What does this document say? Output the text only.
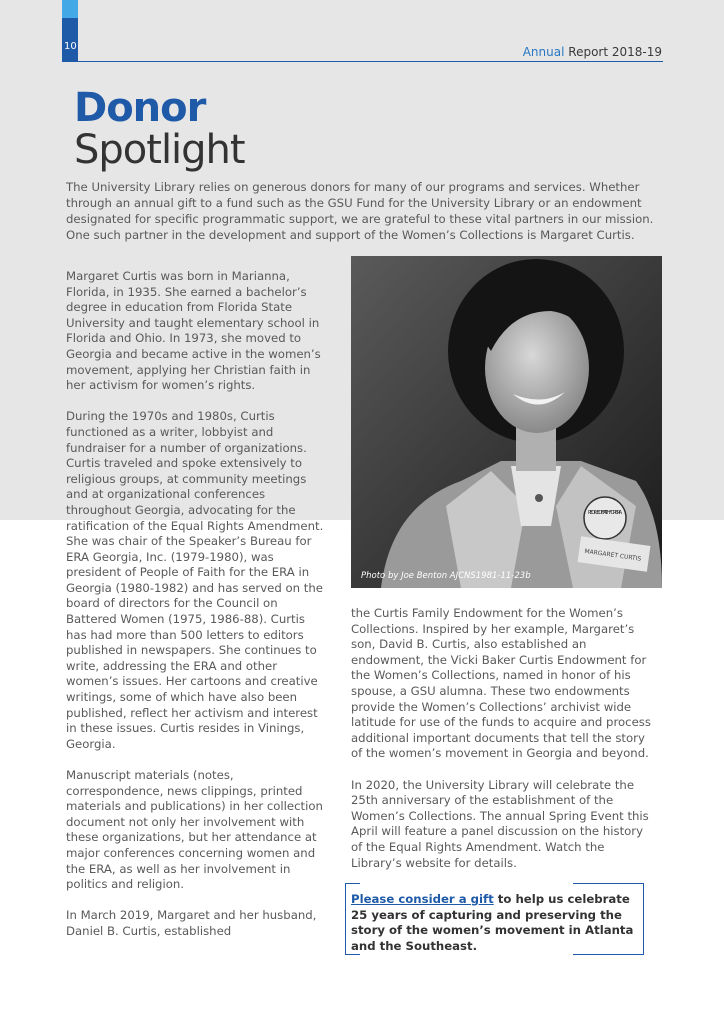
10	Annual Report 2018-19
Donor
Spotlight

The University Library relies on generous donors for many of our programs and services. Whether through an annual gift to a fund such as the GSU Fund for the University Library or an endowment designated for specific programmatic support, we are grateful to these vital partners in our mission. One such partner in the development and support of the Women’s Collections is Margaret Curtis.

Margaret Curtis was born in Marianna, Florida, in 1935. She earned a bachelor’s degree in education from Florida State University and taught elementary school in Florida and Ohio. In 1973, she moved to Georgia and became active in the women’s movement, applying her Christian faith in her activism for women’s rights.

During the 1970s and 1980s, Curtis functioned as a writer, lobbyist and fundraiser for a number of organizations. Curtis traveled and spoke extensively to religious groups, at community meetings and at organizational conferences throughout Georgia, advocating for the ratification of the Equal Rights Amendment. She was chair of the Speaker’s Bureau for ERA Georgia, Inc. (1979-1980), was president of People of Faith for the ERA in Georgia (1980-1982) and has served on the board of directors for the Council on Battered Women (1975, 1986-88). Curtis has had more than 500 letters to editors published in newspapers. She continues to write, addressing the ERA and other women’s issues. Her cartoons and creative writings, some of which have also been published, reflect her activism and interest in these issues. Curtis resides in Vinings, Georgia.

Manuscript materials (notes, correspondence, news clippings, printed materials and publications) in her collection document not only her involvement with these organizations, but her attendance at major conferences concerning women and the ERA, as well as her involvement in politics and religion.

In March 2019, Margaret and her husband, Daniel B. Curtis, established

PEOPLE OF FAITH FOR ERA
MARGARET CURTIS
Photo by Joe Benton AJCNS1981-11-23b

the Curtis Family Endowment for the Women’s Collections. Inspired by her example, Margaret’s son, David B. Curtis, also established an endowment, the Vicki Baker Curtis Endowment for the Women’s Collections, named in honor of his spouse, a GSU alumna. These two endowments provide the Women’s Collections’ archivist wide latitude for use of the funds to acquire and process additional important documents that tell the story of the women’s movement in Georgia and beyond.

In 2020, the University Library will celebrate the 25th anniversary of the establishment of the Women’s Collections. The annual Spring Event this April will feature a panel discussion on the history of the Equal Rights Amendment. Watch the Library’s website for details.

Please consider a gift to help us celebrate 25 years of capturing and preserving the story of the women’s movement in Atlanta and the Southeast.
